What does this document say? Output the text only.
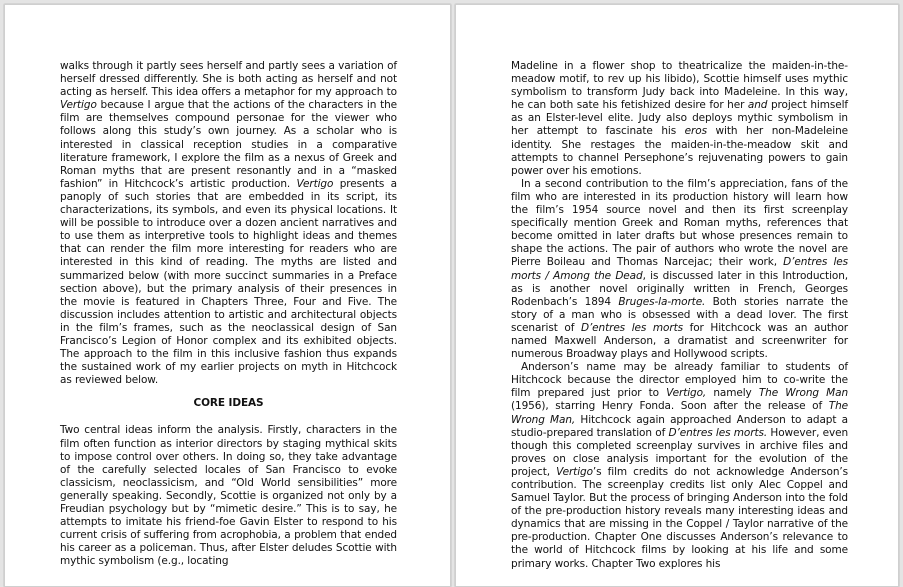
walks through it partly sees herself and partly sees a variation of herself dressed differently. She is both acting as herself and not acting as herself. This idea offers a metaphor for my approach to Vertigo because I argue that the actions of the characters in the film are themselves compound personae for the viewer who follows along this study’s own journey. As a scholar who is interested in classical reception studies in a comparative literature framework, I explore the film as a nexus of Greek and Roman myths that are present resonantly and in a “masked fashion” in Hitchcock’s artistic production. Vertigo presents a panoply of such stories that are embedded in its script, its characterizations, its symbols, and even its physical locations. It will be possible to introduce over a dozen ancient narratives and to use them as interpretive tools to highlight ideas and themes that can render the film more interesting for readers who are interested in this kind of reading. The myths are listed and summarized below (with more succinct summaries in a Preface section above), but the primary analysis of their presences in the movie is featured in Chapters Three, Four and Five. The discussion includes attention to artistic and architectural objects in the film’s frames, such as the neoclassical design of San Francisco’s Legion of Honor complex and its exhibited objects. The approach to the film in this inclusive fashion thus expands the sustained work of my earlier projects on myth in Hitchcock as reviewed below.

CORE IDEAS

Two central ideas inform the analysis. Firstly, characters in the film often function as interior directors by staging mythical skits to impose control over others. In doing so, they take advantage of the carefully selected locales of San Francisco to evoke classicism, neoclassicism, and “Old World sensibilities” more generally speaking. Secondly, Scottie is organized not only by a Freudian psychology but by “mimetic desire.” This is to say, he attempts to imitate his friend-foe Gavin Elster to respond to his current crisis of suffering from acrophobia, a problem that ended his career as a policeman. Thus, after Elster deludes Scottie with mythic symbolism (e.g., locating

Madeline in a flower shop to theatricalize the maiden-in-the-meadow motif, to rev up his libido), Scottie himself uses mythic symbolism to transform Judy back into Madeleine. In this way, he can both sate his fetishized desire for her and project himself as an Elster-level elite. Judy also deploys mythic symbolism in her attempt to fascinate his eros with her non-Madeleine identity. She restages the maiden-in-the-meadow skit and attempts to channel Persephone’s rejuvenating powers to gain power over his emotions.

In a second contribution to the film’s appreciation, fans of the film who are interested in its production history will learn how the film’s 1954 source novel and then its first screenplay specifically mention Greek and Roman myths, references that become omitted in later drafts but whose presences remain to shape the actions. The pair of authors who wrote the novel are Pierre Boileau and Thomas Narcejac; their work, D’entres les morts / Among the Dead, is discussed later in this Introduction, as is another novel originally written in French, Georges Rodenbach’s 1894 Bruges-la-morte. Both stories narrate the story of a man who is obsessed with a dead lover. The first scenarist of D’entres les morts for Hitchcock was an author named Maxwell Anderson, a dramatist and screenwriter for numerous Broadway plays and Hollywood scripts.

Anderson’s name may be already familiar to students of Hitchcock because the director employed him to co-write the film prepared just prior to Vertigo, namely The Wrong Man (1956), starring Henry Fonda. Soon after the release of The Wrong Man, Hitchcock again approached Anderson to adapt a studio-prepared translation of D’entres les morts. However, even though this completed screenplay survives in archive files and proves on close analysis important for the evolution of the project, Vertigo’s film credits do not acknowledge Anderson’s contribution. The screenplay credits list only Alec Coppel and Samuel Taylor. But the process of bringing Anderson into the fold of the pre-production history reveals many interesting ideas and dynamics that are missing in the Coppel / Taylor narrative of the pre-production. Chapter One discusses Anderson’s relevance to the world of Hitchcock films by looking at his life and some primary works. Chapter Two explores his
